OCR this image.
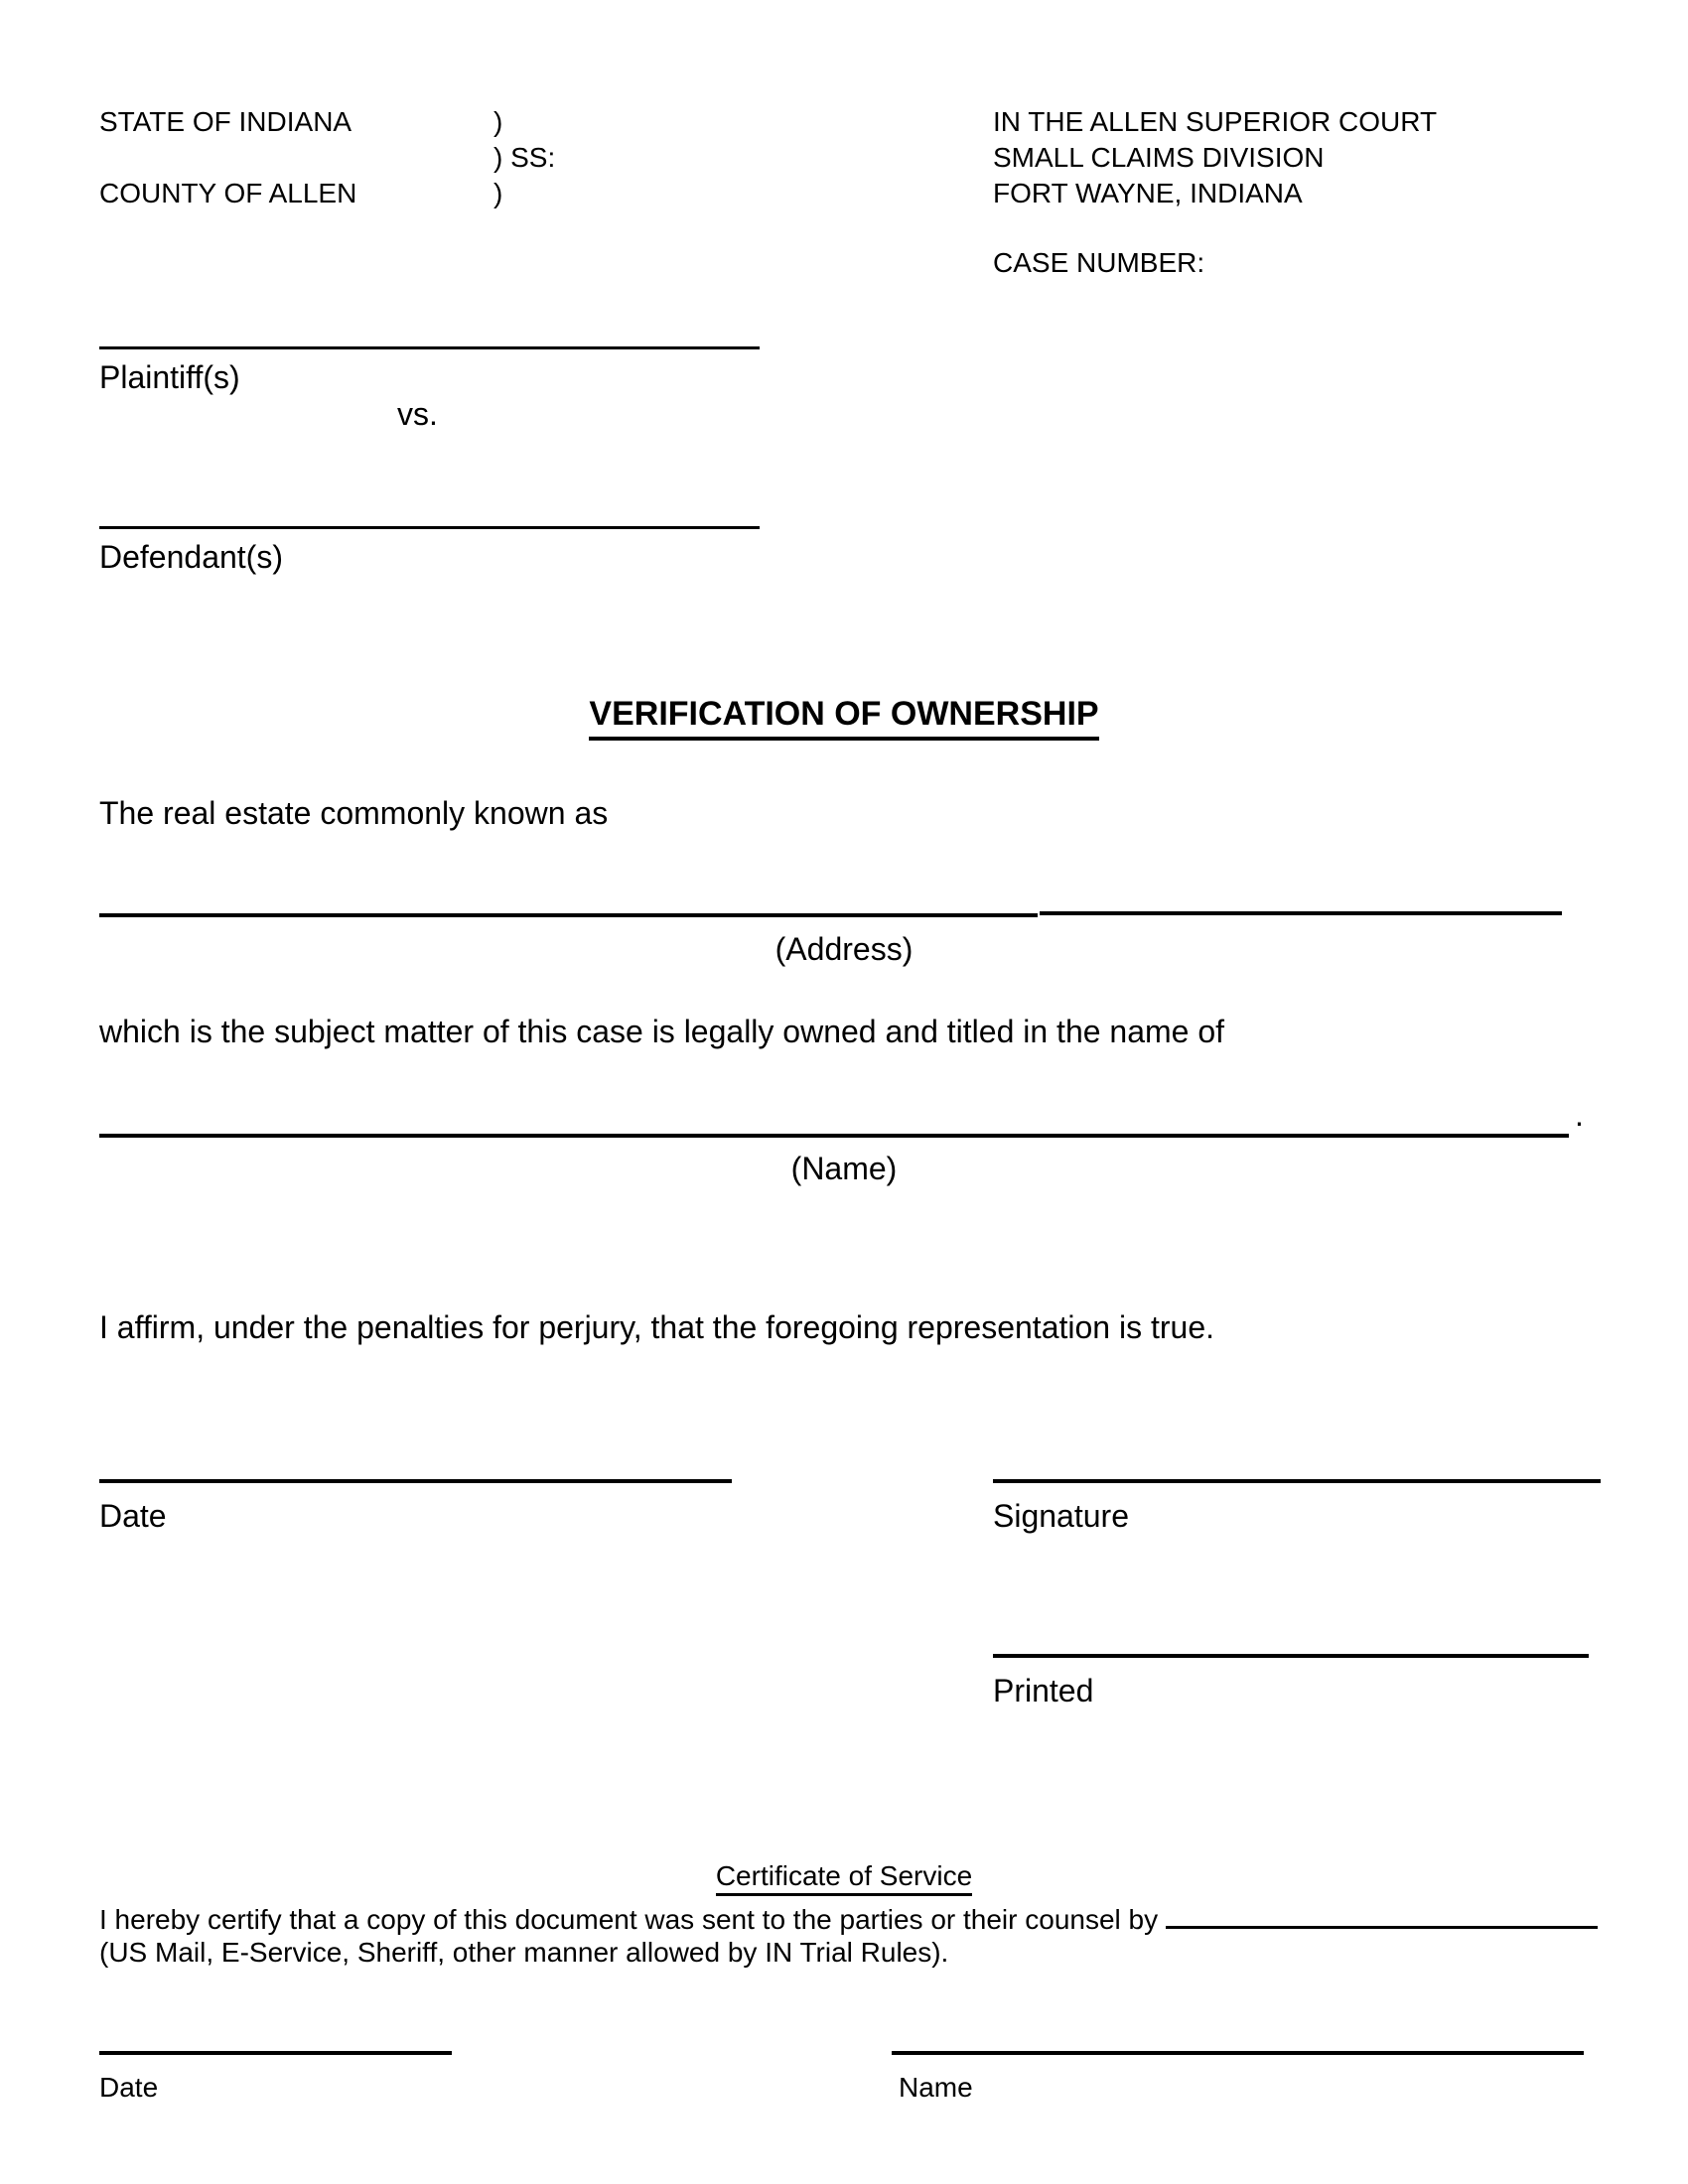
STATE OF INDIANA	)
) SS:
COUNTY OF ALLEN	)
IN THE ALLEN SUPERIOR COURT
SMALL CLAIMS DIVISION
FORT WAYNE, INDIANA
CASE NUMBER:
Plaintiff(s)
vs.
Defendant(s)
VERIFICATION OF OWNERSHIP
The real estate commonly known as
(Address)
which is the subject matter of this case is legally owned and titled in the name of
.
(Name)
I affirm, under the penalties for perjury, that the foregoing representation is true.
Date	Signature
Printed
Certificate of Service
I hereby certify that a copy of this document was sent to the parties or their counsel by
(US Mail, E-Service, Sheriff, other manner allowed by IN Trial Rules).
Date	Name
